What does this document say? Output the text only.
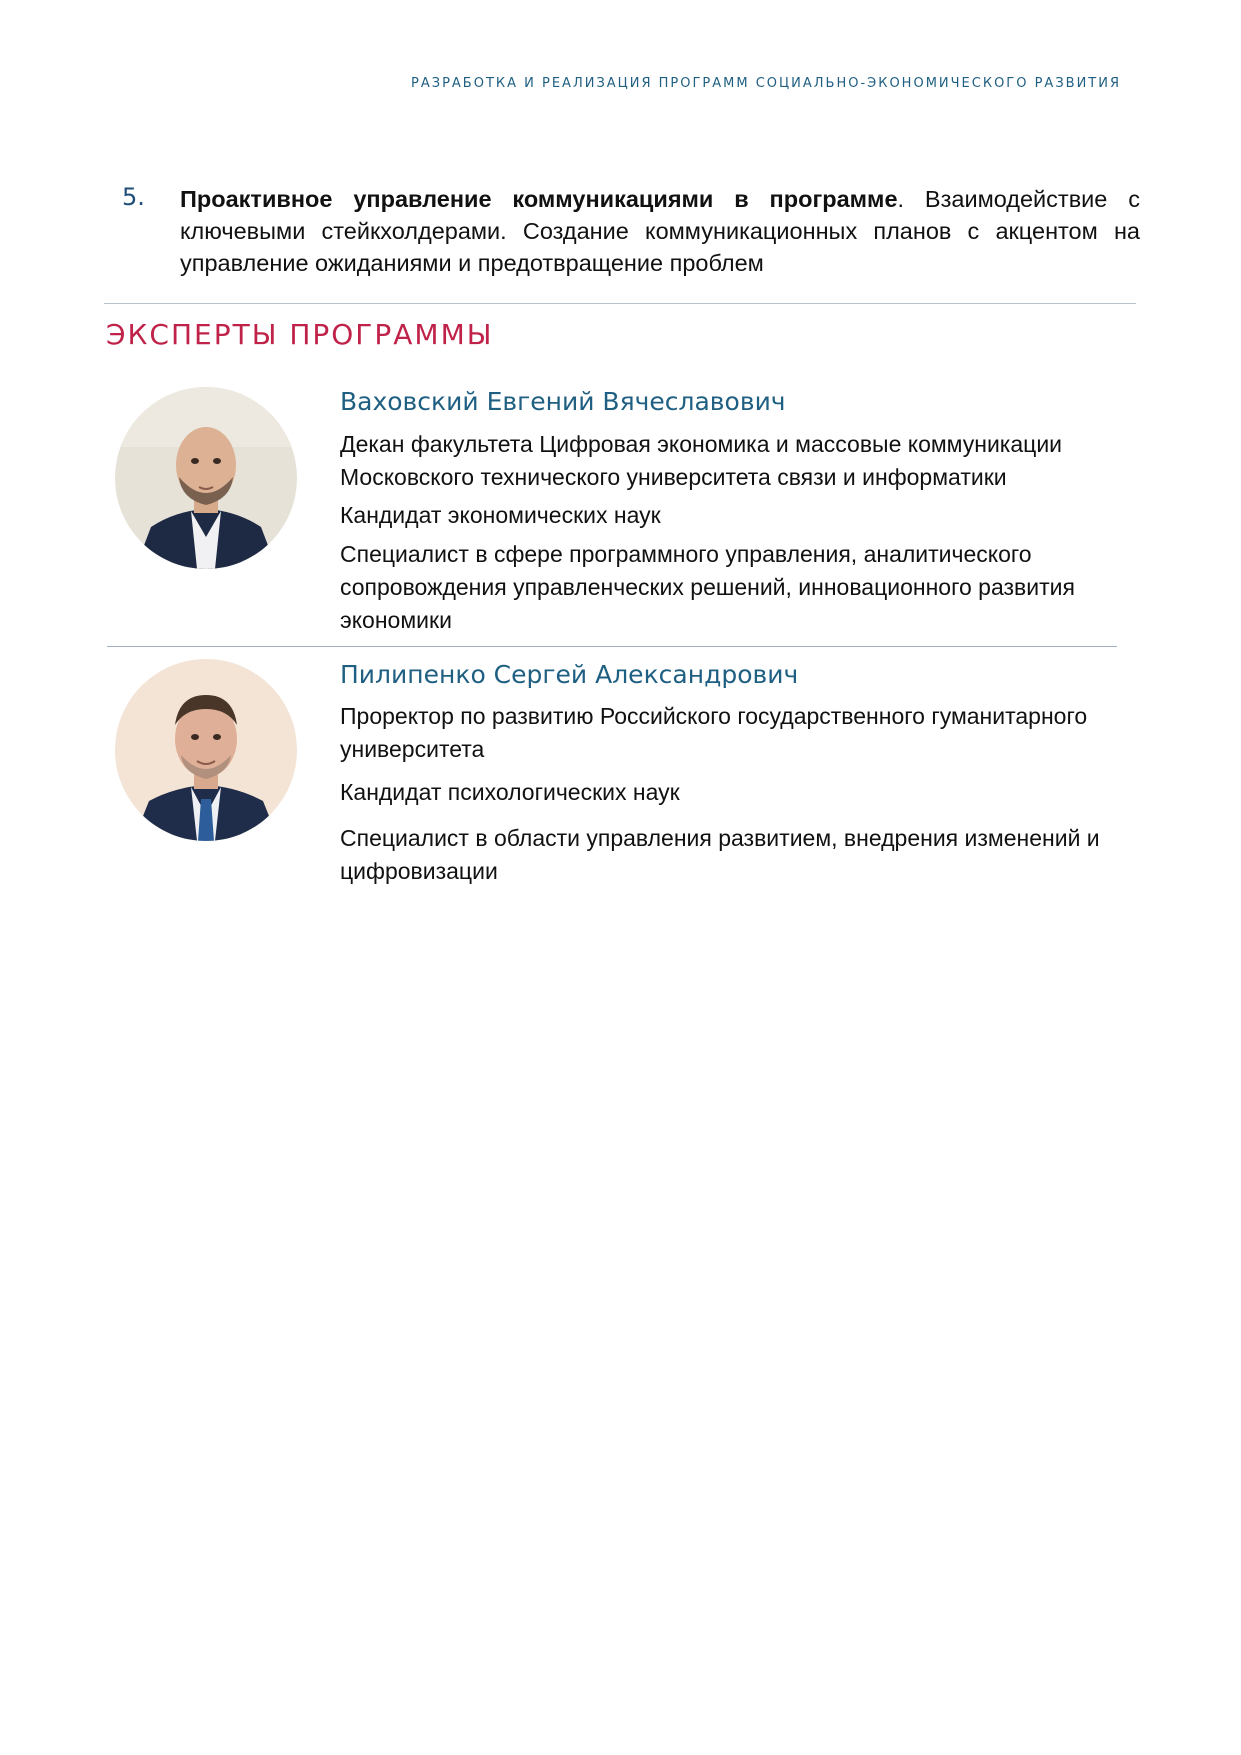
РАЗРАБОТКА И РЕАЛИЗАЦИЯ ПРОГРАММ СОЦИАЛЬНО-ЭКОНОМИЧЕСКОГО РАЗВИТИЯ
5. Проактивное управление коммуникациями в программе. Взаимодействие с ключевыми стейкхолдерами. Создание коммуникационных планов с акцентом на управление ожиданиями и предотвращение проблем
ЭКСПЕРТЫ ПРОГРАММЫ
Ваховский Евгений Вячеславович
Декан факультета Цифровая экономика и массовые коммуникации Московского технического университета связи и информатики
Кандидат экономических наук
Специалист в сфере программного управления, аналитического сопровождения управленческих решений, инновационного развития экономики
Пилипенко Сергей Александрович
Проректор по развитию Российского государственного гуманитарного университета
Кандидат психологических наук
Специалист в области управления развитием, внедрения изменений и цифровизации
